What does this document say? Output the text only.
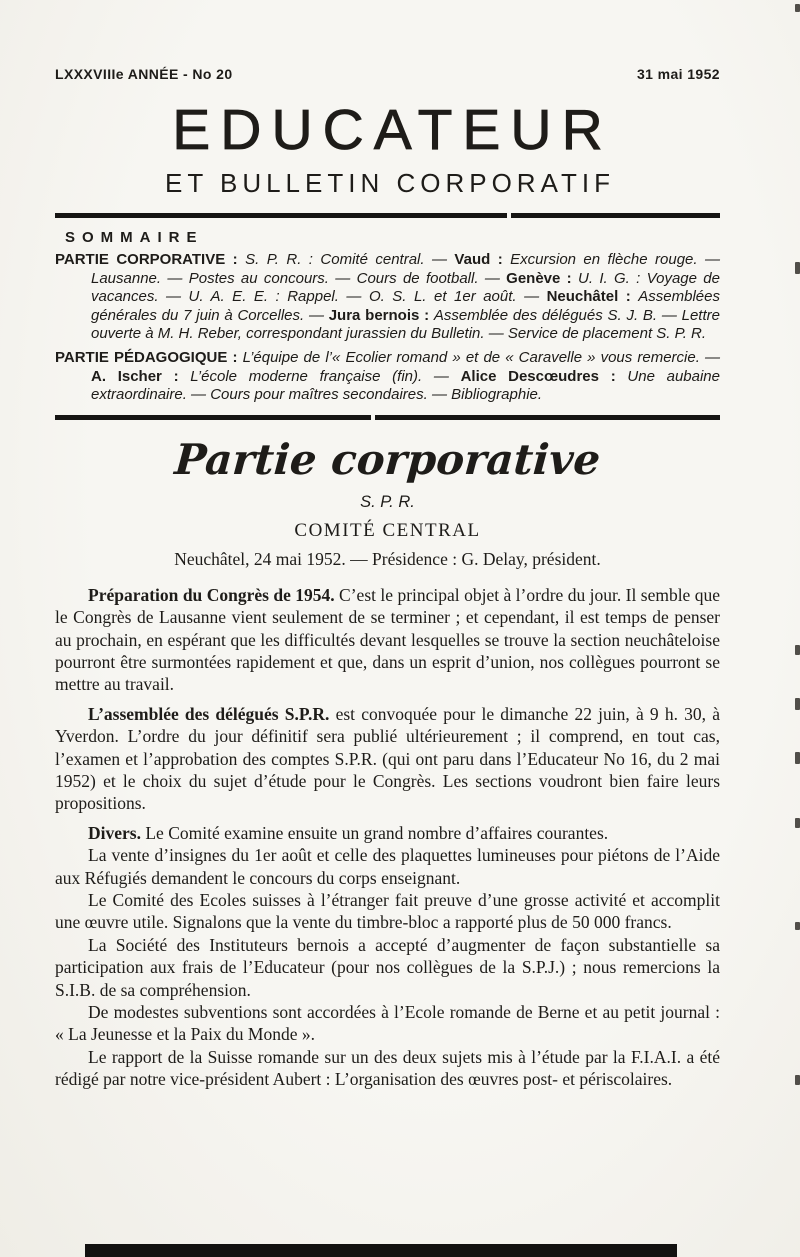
LXXXVIIIe ANNÉE - No 20	31 mai 1952
EDUCATEUR
ET BULLETIN CORPORATIF
SOMMAIRE

PARTIE CORPORATIVE : S. P. R. : Comité central. — Vaud : Excursion en flèche rouge. — Lausanne. — Postes au concours. — Cours de football. — Genève : U. I. G. : Voyage de vacances. — U. A. E. E. : Rappel. — O. S. L. et 1er août. — Neuchâtel : Assemblées générales du 7 juin à Corcelles. — Jura bernois : Assemblée des délégués S. J. B. — Lettre ouverte à M. H. Reber, correspondant jurassien du Bulletin. — Service de placement S. P. R.

PARTIE PÉDAGOGIQUE : L’équipe de l’« Ecolier romand » et de « Caravelle » vous remercie. — A. Ischer : L’école moderne française (fin). — Alice Descœudres : Une aubaine extraordinaire. — Cours pour maîtres secondaires. — Bibliographie.

Partie corporative
S. P. R.
COMITÉ CENTRAL
Neuchâtel, 24 mai 1952. — Présidence : G. Delay, président.

Préparation du Congrès de 1954. C’est le principal objet à l’ordre du jour. Il semble que le Congrès de Lausanne vient seulement de se terminer ; et cependant, il est temps de penser au prochain, en espérant que les difficultés devant lesquelles se trouve la section neuchâteloise pourront être surmontées rapidement et que, dans un esprit d’union, nos collègues pourront se mettre au travail.

L’assemblée des délégués S.P.R. est convoquée pour le dimanche 22 juin, à 9 h. 30, à Yverdon. L’ordre du jour définitif sera publié ultérieurement ; il comprend, en tout cas, l’examen et l’approbation des comptes S.P.R. (qui ont paru dans l’Educateur No 16, du 2 mai 1952) et le choix du sujet d’étude pour le Congrès. Les sections voudront bien faire leurs propositions.

Divers. Le Comité examine ensuite un grand nombre d’affaires courantes.

La vente d’insignes du 1er août et celle des plaquettes lumineuses pour piétons de l’Aide aux Réfugiés demandent le concours du corps enseignant.

Le Comité des Ecoles suisses à l’étranger fait preuve d’une grosse activité et accomplit une œuvre utile. Signalons que la vente du timbre-bloc a rapporté plus de 50 000 francs.

La Société des Instituteurs bernois a accepté d’augmenter de façon substantielle sa participation aux frais de l’Educateur (pour nos collègues de la S.P.J.) ; nous remercions la S.I.B. de sa compréhension.

De modestes subventions sont accordées à l’Ecole romande de Berne et au petit journal : « La Jeunesse et la Paix du Monde ».

Le rapport de la Suisse romande sur un des deux sujets mis à l’étude par la F.I.A.I. a été rédigé par notre vice-président Aubert : L’organisation des œuvres post- et périscolaires.
